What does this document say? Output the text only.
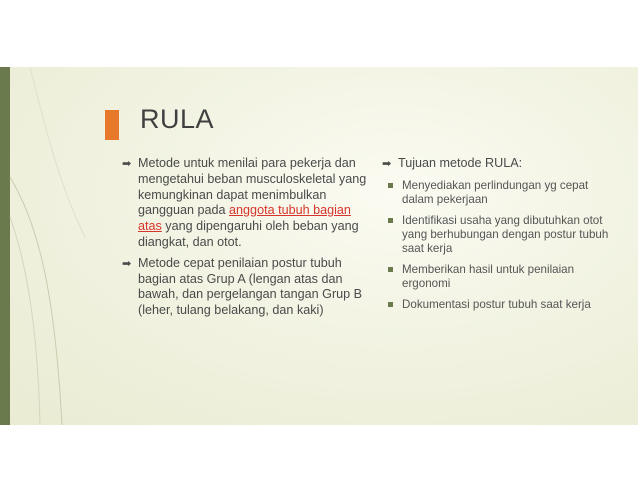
RULA
➡ Metode untuk menilai para pekerja dan mengetahui beban musculoskeletal yang kemungkinan dapat menimbulkan gangguan pada anggota tubuh bagian atas yang dipengaruhi oleh beban yang diangkat, dan otot.
➡ Metode cepat penilaian postur tubuh bagian atas Grup A (lengan atas dan bawah, dan pergelangan tangan Grup B (leher, tulang belakang, dan kaki)
➡ Tujuan metode RULA:
Menyediakan perlindungan yg cepat dalam pekerjaan
Identifikasi usaha yang dibutuhkan otot yang berhubungan dengan postur tubuh saat kerja
Memberikan hasil untuk penilaian ergonomi
Dokumentasi postur tubuh saat kerja
